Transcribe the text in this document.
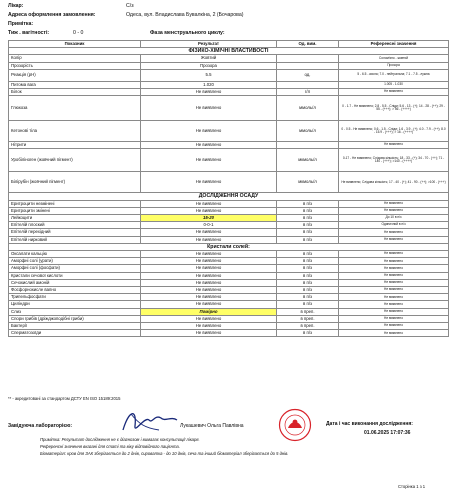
Лікар:	С/з
Адреса оформлення замовлення:	Одеса, вул. Владислава Бувалкіна, 2 (Бочарова)
Примітка:
Тиж . вагітності:	0 - 0	Фаза менструального циклу:
Показник	Результат	Од. вим.	Референсні значення
ФІЗИКО-ХІМІЧНІ ВЛАСТИВОСТІ			
Колір	Жовтий		Солом'яно - жовтий
Прозорість	Прозора		Прозора
Реакція (pH)	5.5	од.	5 - 6.5 - кисла; 7.0 - нейтральна; 7.1 - 7.5 - лужна
Питома вага	1.020		1.005 - 1.030
Білок	Не виявлено	г/л	Не виявлено
Глюкоза	Не виявлено	ммоль/л	0 - 1.7 - Не виявлено; 2.8 - 5.5 - Сліди; 5.6 - 13 - (+); 14 - 28 - (++); 29 - 55 - (+++); > 56 - (++++)
Кетонові тіла	Не виявлено	ммоль/л	0 - 0.5 - Не виявлено; 0.6 - 1.5 - Сліди; 1.6 - 3.9 - (+); 4.0 - 7.9 - (++); 8.0 - 15.9 - (+++); > 16 - (++++)
Нітрити	Не виявлено		Не виявлено
Уробіліноген (жовчний пігмент)	Не виявлено	мкмоль/л	0-17 - Не виявлено; Слідова кількість; 18 - 33 - (+); 34 - 70 - (++); 71 - 140 - (+++); >140 - (++++)
Білірубін (жовчний пігмент)	Не виявлено	мкмоль/л	Не виявлено; Слідова кількість; 17 - 40 - (+); 41 - 90 - (++); >100 - (+++)
ДОСЛІДЖЕННЯ ОСАДУ			
Еритроцити незмінені	Не виявлено	в п/з	Не виявлено
Еритроцити змінені	Не виявлено	в п/з	Не виявлено
Лейкоцити	15-20	в п/з	До 10 в п/з
Епітелій плоский	0-0-1	в п/з	Одиничний в п/з
Епітелій перехідний	Не виявлено	в п/з	Не виявлено
Епітелій нирковий	Не виявлено	в п/з	Не виявлено
Кристали солей:			
Оксалати кальцію	Не виявлено	в п/з	Не виявлено
Аморфні солі (урати)	Не виявлено	в п/з	Не виявлено
Аморфні солі (фосфати)	Не виявлено	в п/з	Не виявлено
Кристали сечової кислоти	Не виявлено	в п/з	Не виявлено
Сечокислий амоній	Не виявлено	в п/з	Не виявлено
Фосфорнокисле вапно	Не виявлено	в п/з	Не виявлено
Трипельфосфати	Не виявлено	в п/з	Не виявлено
Циліндри	Не виявлено	в п/з	Не виявлено
Слиз	Помірно	в преп.	Не виявлено
Спори грибів (дріжджоподібні гриби)	Не виявлено	в преп.	Не виявлено
Бактерії	Не виявлено	в преп.	Не виявлено
Сперматозоїди	Не виявлено	в п/з	Не виявлено
** - акредитовані за стандартом ДСТУ EN ISO 15189:2015
Завідуюча лабораторією:	Лукашевич Ольга Павлівна	Дата і час виконання дослідження:
01.06.2025 17:07:36
Примітка: Результат дослідження не є діагнозом і вимагає консультації лікаря.
Референсні значення вказані для статі та віку відповідного пацієнта.
Біоматеріал: кров для ЗАК зберігається до 2 днів, сироватка - до 10 днів, сеча та інший біоматеріал зберігається до 5 днів.
Сторінка 1 з 1
